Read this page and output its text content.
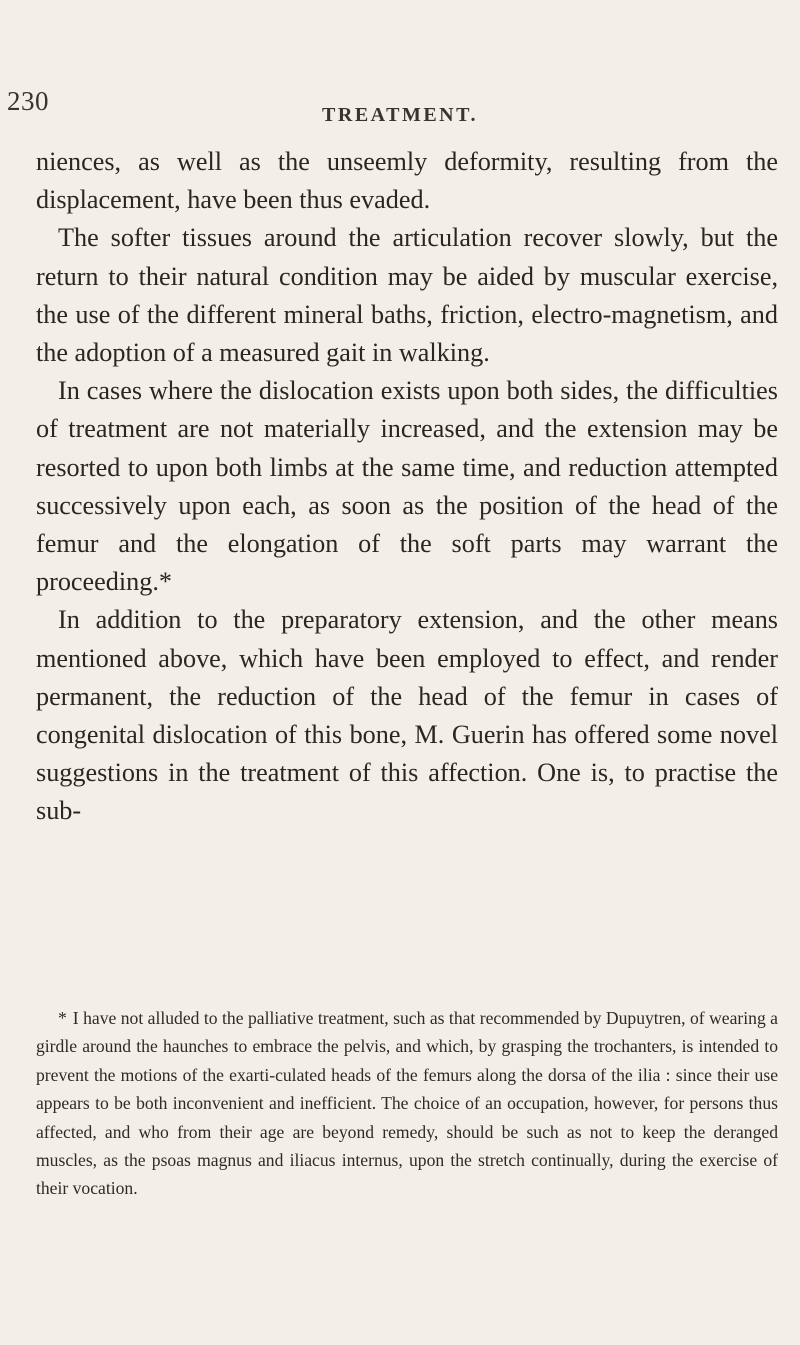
230	TREATMENT.

niences, as well as the unseemly deformity, resulting from the displacement, have been thus evaded.

The softer tissues around the articulation recover slowly, but the return to their natural condition may be aided by muscular exercise, the use of the different mineral baths, friction, electro-magnetism, and the adoption of a measured gait in walking.

In cases where the dislocation exists upon both sides, the difficulties of treatment are not materially increased, and the extension may be resorted to upon both limbs at the same time, and reduction attempted successively upon each, as soon as the position of the head of the femur and the elongation of the soft parts may warrant the proceeding.*

In addition to the preparatory extension, and the other means mentioned above, which have been employed to effect, and render permanent, the reduction of the head of the femur in cases of congenital dislocation of this bone, M. Guerin has offered some novel suggestions in the treatment of this affection. One is, to practise the sub-

* I have not alluded to the palliative treatment, such as that recommended by Dupuytren, of wearing a girdle around the haunches to embrace the pelvis, and which, by grasping the trochanters, is intended to prevent the motions of the exarti-culated heads of the femurs along the dorsa of the ilia : since their use appears to be both inconvenient and inefficient. The choice of an occupation, however, for persons thus affected, and who from their age are beyond remedy, should be such as not to keep the deranged muscles, as the psoas magnus and iliacus internus, upon the stretch continually, during the exercise of their vocation.
